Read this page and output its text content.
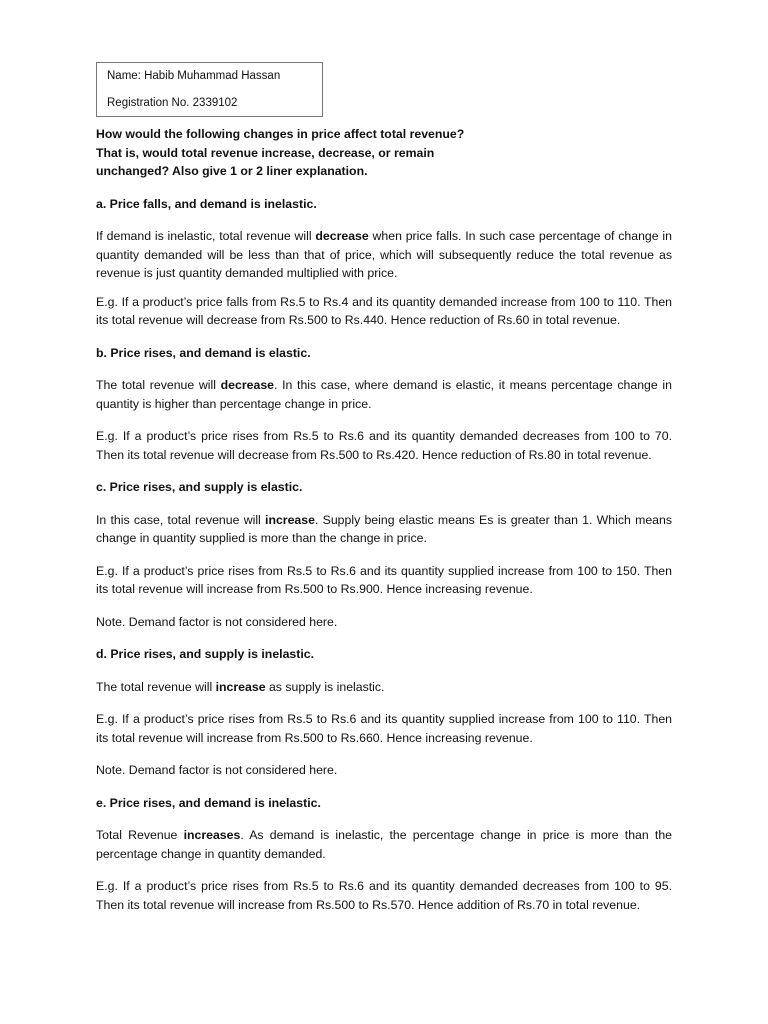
Name: Habib Muhammad Hassan
Registration No. 2339102
How would the following changes in price affect total revenue?
That is, would total revenue increase, decrease, or remain
unchanged? Also give 1 or 2 liner explanation.
a. Price falls, and demand is inelastic.

If demand is inelastic, total revenue will decrease when price falls. In such case percentage of change in quantity demanded will be less than that of price, which will subsequently reduce the total revenue as revenue is just quantity demanded multiplied with price.

E.g. If a product’s price falls from Rs.5 to Rs.4 and its quantity demanded increase from 100 to 110. Then its total revenue will decrease from Rs.500 to Rs.440. Hence reduction of Rs.60 in total revenue.

b. Price rises, and demand is elastic.

The total revenue will decrease. In this case, where demand is elastic, it means percentage change in quantity is higher than percentage change in price.

E.g. If a product’s price rises from Rs.5 to Rs.6 and its quantity demanded decreases from 100 to 70. Then its total revenue will decrease from Rs.500 to Rs.420. Hence reduction of Rs.80 in total revenue.

c. Price rises, and supply is elastic.

In this case, total revenue will increase. Supply being elastic means Es is greater than 1. Which means change in quantity supplied is more than the change in price.

E.g. If a product’s price rises from Rs.5 to Rs.6 and its quantity supplied increase from 100 to 150. Then its total revenue will increase from Rs.500 to Rs.900. Hence increasing revenue.

Note. Demand factor is not considered here.

d. Price rises, and supply is inelastic.

The total revenue will increase as supply is inelastic.

E.g. If a product’s price rises from Rs.5 to Rs.6 and its quantity supplied increase from 100 to 110. Then its total revenue will increase from Rs.500 to Rs.660. Hence increasing revenue.

Note. Demand factor is not considered here.

e. Price rises, and demand is inelastic.

Total Revenue increases. As demand is inelastic, the percentage change in price is more than the percentage change in quantity demanded.

E.g. If a product’s price rises from Rs.5 to Rs.6 and its quantity demanded decreases from 100 to 95. Then its total revenue will increase from Rs.500 to Rs.570. Hence addition of Rs.70 in total revenue.
